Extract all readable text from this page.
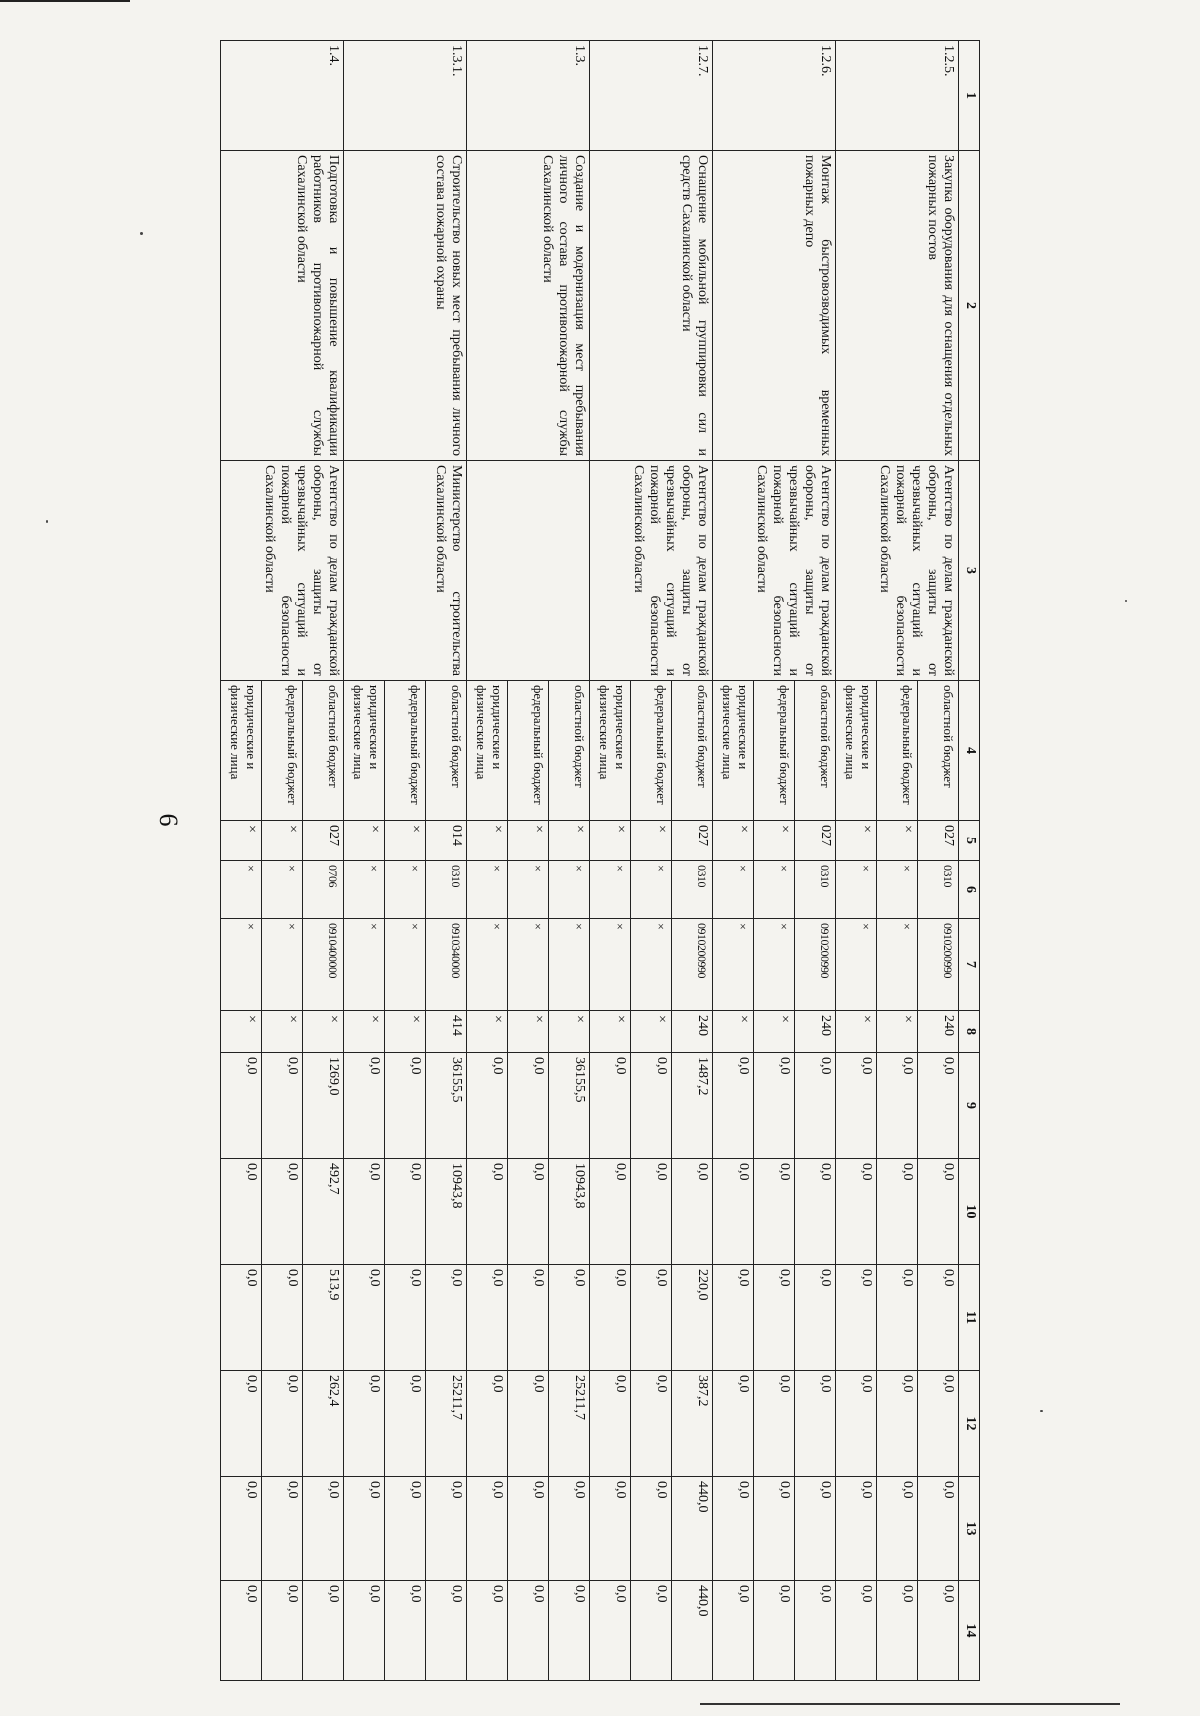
6
1	2	3	4	5	6	7	8	9	10	11	12	13	14
1.2.5.	Закупка оборудования для оснащения отдельных пожарных постов	Агентство по делам гражданской обороны, защиты от чрезвычайных ситуаций и пожарной безопасности Сахалинской области	областной бюджет	027	0310	0910200990	240	0,0	0,0	0,0	0,0	0,0	0,0
			федеральный бюджет	×	×	×	×	0,0	0,0	0,0	0,0	0,0	0,0
			юридические и физические лица	×	×	×	×	0,0	0,0	0,0	0,0	0,0	0,0
1.2.6.	Монтаж быстровозводимых временных пожарных депо	Агентство по делам гражданской обороны, защиты от чрезвычайных ситуаций и пожарной безопасности Сахалинской области	областной бюджет	027	0310	0910200990	240	0,0	0,0	0,0	0,0	0,0	0,0
			федеральный бюджет	×	×	×	×	0,0	0,0	0,0	0,0	0,0	0,0
			юридические и физические лица	×	×	×	×	0,0	0,0	0,0	0,0	0,0	0,0
1.2.7.	Оснащение мобильной группировки сил и средств Сахалинской области	Агентство по делам гражданской обороны, защиты от чрезвычайных ситуаций и пожарной безопасности Сахалинской области	областной бюджет	027	0310	0910200990	240	1487,2	0,0	220,0	387,2	440,0	440,0
			федеральный бюджет	×	×	×	×	0,0	0,0	0,0	0,0	0,0	0,0
			юридические и физические лица	×	×	×	×	0,0	0,0	0,0	0,0	0,0	0,0
1.3.	Создание и модернизация мест пребывания личного состава противопожарной службы Сахалинской области		областной бюджет	×	×	×	×	36155,5	10943,8	0,0	25211,7	0,0	0,0
			федеральный бюджет	×	×	×	×	0,0	0,0	0,0	0,0	0,0	0,0
			юридические и физические лица	×	×	×	×	0,0	0,0	0,0	0,0	0,0	0,0
1.3.1.	Строительство новых мест пребывания личного состава пожарной охраны	Министерство строительства Сахалинской области	областной бюджет	014	0310	0910340000	414	36155,5	10943,8	0,0	25211,7	0,0	0,0
			федеральный бюджет	×	×	×	×	0,0	0,0	0,0	0,0	0,0	0,0
			юридические и физические лица	×	×	×	×	0,0	0,0	0,0	0,0	0,0	0,0
1.4.	Подготовка и повышение квалификации работников противопожарной службы Сахалинской области	Агентство по делам гражданской обороны, защиты от чрезвычайных ситуаций и пожарной безопасности Сахалинской области	областной бюджет	027	0706	0910400000	×	1269,0	492,7	513,9	262,4	0,0	0,0
			федеральный бюджет	×	×	×	×	0,0	0,0	0,0	0,0	0,0	0,0
			юридические и физические лица	×	×	×	×	0,0	0,0	0,0	0,0	0,0	0,0
